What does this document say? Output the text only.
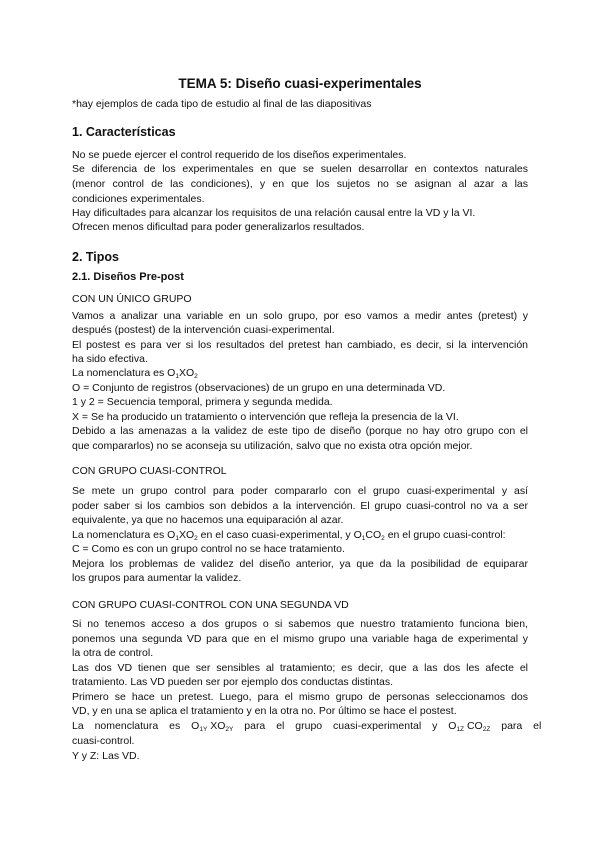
TEMA 5: Diseño cuasi-experimentales
*hay ejemplos de cada tipo de estudio al final de las diapositivas
1. Características
No se puede ejercer el control requerido de los diseños experimentales.
Se diferencia de los experimentales en que se suelen desarrollar en contextos naturales
(menor control de las condiciones), y en que los sujetos no se asignan al azar a las
condiciones experimentales.
Hay dificultades para alcanzar los requisitos de una relación causal entre la VD y la VI.
Ofrecen menos dificultad para poder generalizarlos resultados.
2. Tipos
2.1. Diseños Pre-post
CON UN ÚNICO GRUPO
Vamos a analizar una variable en un solo grupo, por eso vamos a medir antes (pretest) y
después (postest) de la intervención cuasi-experimental.
El postest es para ver si los resultados del pretest han cambiado, es decir, si la intervención
ha sido efectiva.
La nomenclatura es $O_1XO_2$
O = Conjunto de registros (observaciones) de un grupo en una determinada VD.
1 y 2 = Secuencia temporal, primera y segunda medida.
X = Se ha producido un tratamiento o intervención que refleja la presencia de la VI.
Debido a las amenazas a la validez de este tipo de diseño (porque no hay otro grupo con el
que compararlos) no se aconseja su utilización, salvo que no exista otra opción mejor.
CON GRUPO CUASI-CONTROL
Se mete un grupo control para poder compararlo con el grupo cuasi-experimental y así
poder saber si los cambios son debidos a la intervención. El grupo cuasi-control no va a ser
equivalente, ya que no hacemos una equiparación al azar.
La nomenclatura es $O_1XO_2$ en el caso cuasi-experimental, y $O_1CO_2$ en el grupo cuasi-control:
C = Como es con un grupo control no se hace tratamiento.
Mejora los problemas de validez del diseño anterior, ya que da la posibilidad de equiparar
los grupos para aumentar la validez.
CON GRUPO CUASI-CONTROL CON UNA SEGUNDA VD
Si no tenemos acceso a dos grupos o si sabemos que nuestro tratamiento funciona bien,
ponemos una segunda VD para que en el mismo grupo una variable haga de experimental y
la otra de control.
Las dos VD tienen que ser sensibles al tratamiento; es decir, que a las dos les afecte el
tratamiento. Las VD pueden ser por ejemplo dos conductas distintas.
Primero se hace un pretest. Luego, para el mismo grupo de personas seleccionamos dos
VD, y en una se aplica el tratamiento y en la otra no. Por último se hace el postest.
La nomenclatura es $O_{1Y}$ $XO_{2Y}$ para el grupo cuasi-experimental y $O_{1Z}$ $CO_{2Z}$ para el
cuasi-control.
Y y Z: Las VD.
